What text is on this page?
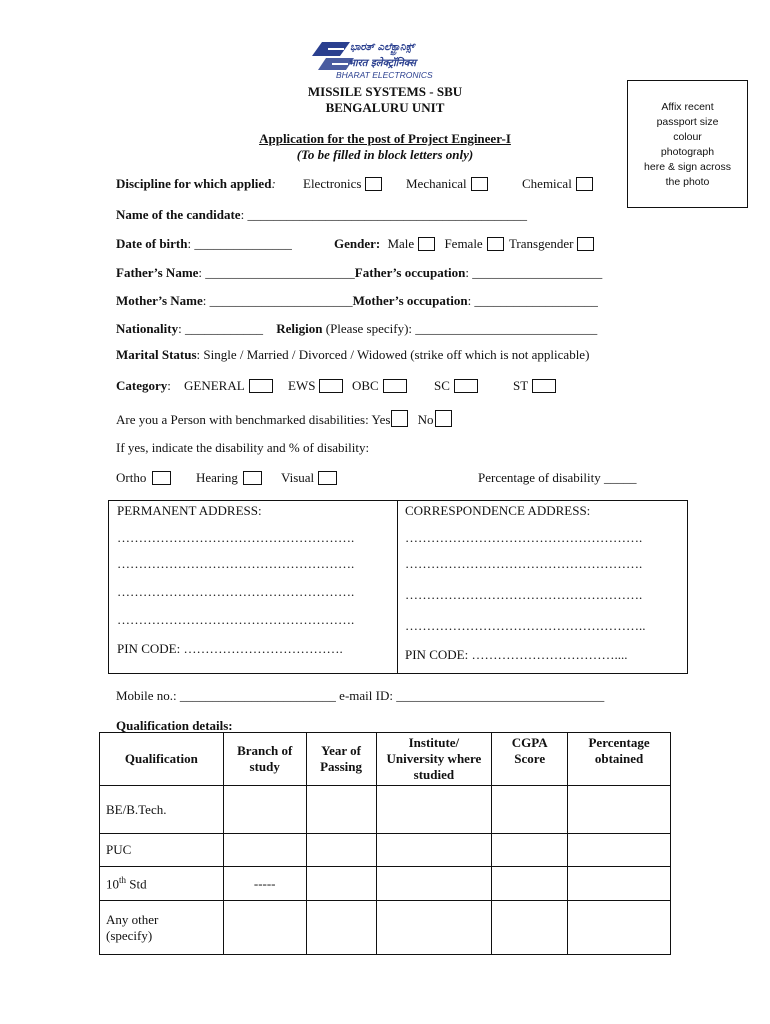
ಭಾರತ್ ಎಲೆಕ್ಟ್ರಾನಿಕ್ಸ್
भारत इलेक्ट्रॉनिक्स
BHARAT ELECTRONICS
MISSILE SYSTEMS - SBU
BENGALURU UNIT
Application for the post of Project Engineer-I
(To be filled in block letters only)
Affix recent
passport size
colour
photograph
here & sign across
the photo
Discipline for which applied: Electronics	Mechanical	Chemical
Name of the candidate: ___________________________________________
Date of birth: _______________	Gender: Male Female Transgender
Father’s Name: _______________________Father’s occupation: ____________________
Mother’s Name: ______________________Mother’s occupation: ___________________
Nationality: ____________ Religion (Please specify): ____________________________
Marital Status: Single / Married / Divorced / Widowed (strike off which is not applicable)
Category: GENERAL	EWS	OBC	SC	ST
Are you a Person with benchmarked disabilities: Yes No
If yes, indicate the disability and % of disability:
Ortho	Hearing	Visual	Percentage of disability _____
PERMANENT ADDRESS:
……………………………………………….
……………………………………………….
……………………………………………….
……………………………………………….
PIN CODE: ……………………………….
CORRESPONDENCE ADDRESS:
……………………………………………….
……………………………………………….
……………………………………………….
………………………………………………..
PIN CODE: ……………………………....
Mobile no.: ________________________ e-mail ID: ________________________________
Qualification details:
Qualification	Branch of study	Year of Passing	Institute/ University where studied	CGPA Score	Percentage obtained
BE/B.Tech.					
PUC					
10th Std	-----				
Any other
(specify)					
